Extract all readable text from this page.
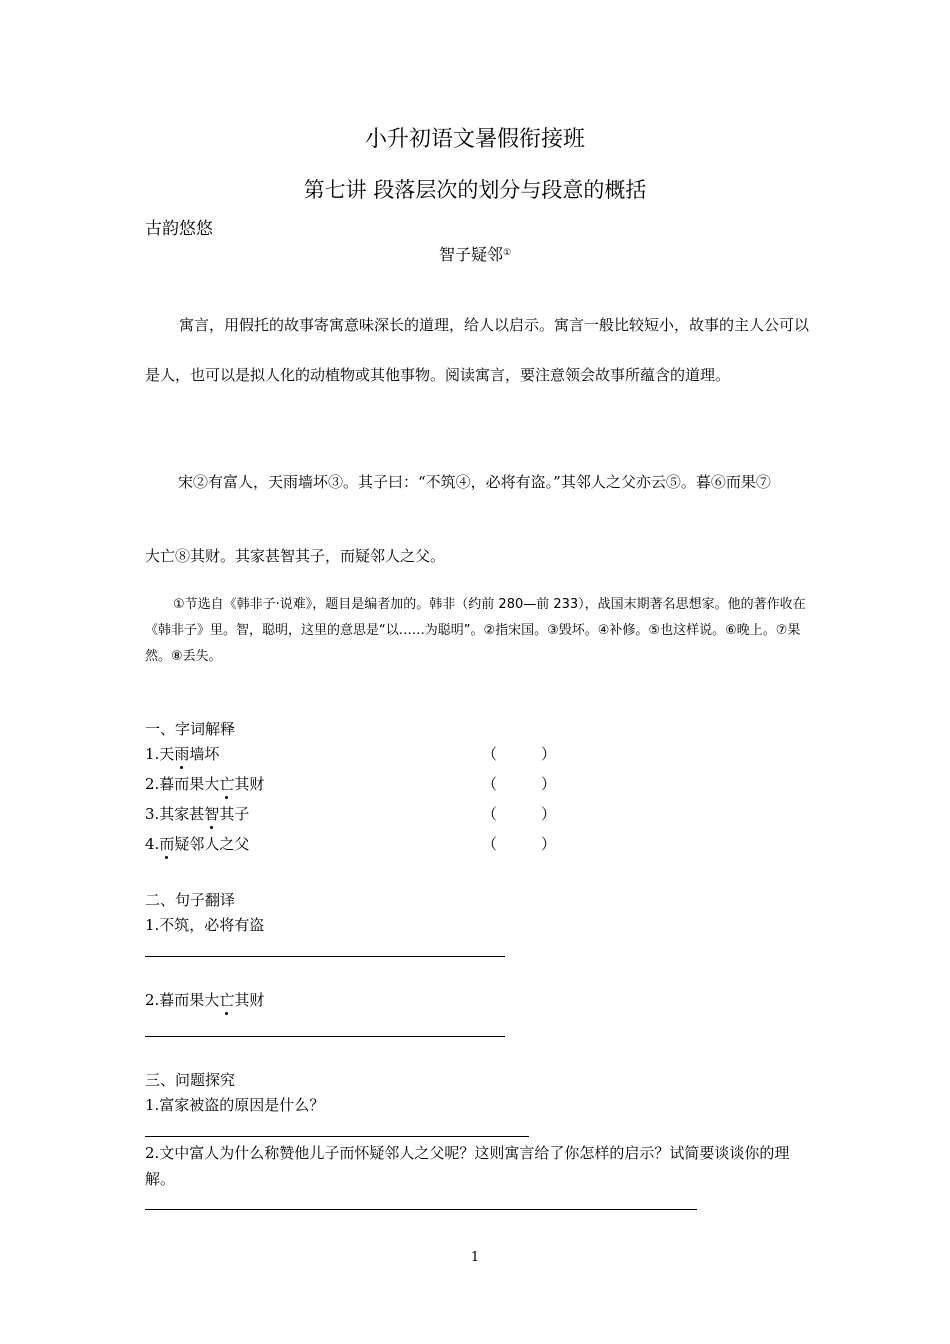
小升初语文暑假衔接班
第七讲 段落层次的划分与段意的概括
古韵悠悠
智子疑邻①
寓言，用假托的故事寄寓意味深长的道理，给人以启示。寓言一般比较短小，故事的主人公可以是人，也可以是拟人化的动植物或其他事物。阅读寓言，要注意领会故事所蕴含的道理。
宋②有富人，天雨墙坏③。其子曰：“不筑④，必将有盗。”其邻人之父亦云⑤。暮⑥而果⑦
大亡⑧其财。其家甚智其子，而疑邻人之父。
①节选自《韩非子·说难》，题目是编者加的。韩非（约前 280—前 233），战国末期著名思想家。他的著作收在《韩非子》里。智，聪明，这里的意思是“以……为聪明”。②指宋国。③毁坏。④补修。⑤也这样说。⑥晚上。⑦果然。⑧丢失。
一、字词解释
1.天雨墙坏	（	）
2.暮而果大亡其财	（	）
3.其家甚智其子	（	）
4.而疑邻人之父	（	）
二、句子翻译
1.不筑，必将有盗
2.暮而果大亡其财
三、问题探究
1.富家被盗的原因是什么？
2.文中富人为什么称赞他儿子而怀疑邻人之父呢？这则寓言给了你怎样的启示？试简要谈谈你的理解。
1
